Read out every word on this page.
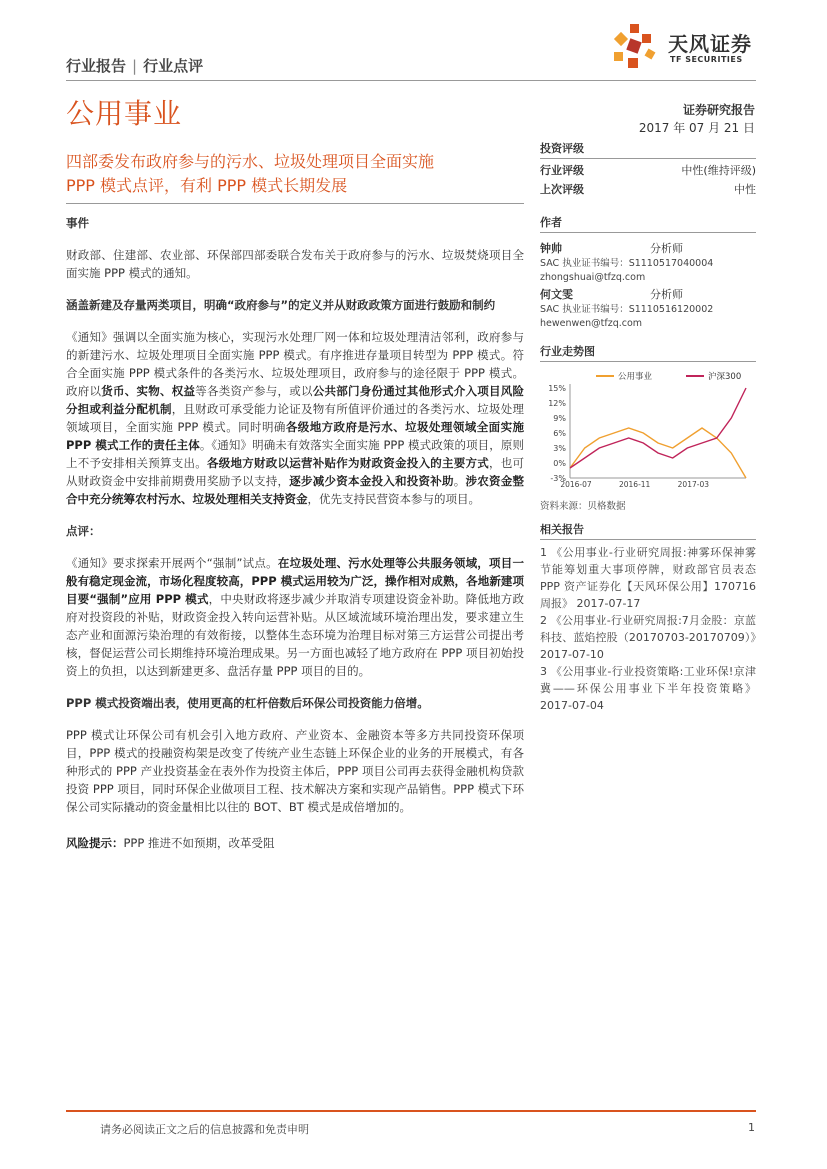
行业报告 | 行业点评
天风证券
TF SECURITIES
公用事业	证券研究报告
2017 年 07 月 21 日
四部委发布政府参与的污水、垃圾处理项目全面实施
PPP 模式点评，有利 PPP 模式长期发展

事件

财政部、住建部、农业部、环保部四部委联合发布关于政府参与的污水、垃圾焚烧项目全面实施 PPP 模式的通知。

涵盖新建及存量两类项目，明确“政府参与”的定义并从财政政策方面进行鼓励和制约

《通知》强调以全面实施为核心，实现污水处理厂网一体和垃圾处理清洁邻利，政府参与的新建污水、垃圾处理项目全面实施 PPP 模式。有序推进存量项目转型为 PPP 模式。符合全面实施 PPP 模式条件的各类污水、垃圾处理项目，政府参与的途径限于 PPP 模式。政府以货币、实物、权益等各类资产参与，或以公共部门身份通过其他形式介入项目风险分担或利益分配机制，且财政可承受能力论证及物有所值评价通过的各类污水、垃圾处理领域项目，全面实施 PPP 模式。同时明确各级地方政府是污水、垃圾处理领域全面实施 PPP 模式工作的责任主体。《通知》明确未有效落实全面实施 PPP 模式政策的项目，原则上不予安排相关预算支出。各级地方财政以运营补贴作为财政资金投入的主要方式，也可从财政资金中安排前期费用奖励予以支持，逐步减少资本金投入和投资补助。涉农资金整合中充分统筹农村污水、垃圾处理相关支持资金，优先支持民营资本参与的项目。

点评：

《通知》要求探索开展两个“强制”试点。在垃圾处理、污水处理等公共服务领域，项目一般有稳定现金流，市场化程度较高，PPP 模式运用较为广泛，操作相对成熟，各地新建项目要“强制”应用 PPP 模式，中央财政将逐步减少并取消专项建设资金补助。降低地方政府对投资段的补贴，财政资金投入转向运营补贴。从区域流域环境治理出发，要求建立生态产业和面源污染治理的有效衔接，以整体生态环境为治理目标对第三方运营公司提出考核，督促运营公司长期维持环境治理成果。另一方面也减轻了地方政府在 PPP 项目初始投资上的负担，以达到新建更多、盘活存量 PPP 项目的目的。

PPP 模式投资端出表，使用更高的杠杆倍数后环保公司投资能力倍增。

PPP 模式让环保公司有机会引入地方政府、产业资本、金融资本等多方共同投资环保项目，PPP 模式的投融资构架是改变了传统产业生态链上环保企业的业务的开展模式，有各种形式的 PPP 产业投资基金在表外作为投资主体后，PPP 项目公司再去获得金融机构贷款投资 PPP 项目，同时环保企业做项目工程、技术解决方案和实现产品销售。PPP 模式下环保公司实际撬动的资金量相比以往的 BOT、BT 模式是成倍增加的。

风险提示：PPP 推进不如预期，改革受阻

投资评级
行业评级	中性(维持评级)
上次评级	中性
作者
钟帅	分析师
SAC 执业证书编号：S1110517040004
zhongshuai@tfzq.com
何文雯	分析师
SAC 执业证书编号：S1110516120002
hewenwen@tfzq.com
行业走势图
15%
12%
9%
6%
3%
0%
-3%
2016-07	2016-11	2017-03
公用事业	沪深300
资料来源：贝格数据
相关报告
1 《公用事业-行业研究周报:神雾环保神雾节能筹划重大事项停牌，财政部官员表态 PPP 资产证券化【天风环保公用】170716 周报》 2017-07-17
2 《公用事业-行业研究周报:7月金股：京蓝科技、蓝焰控股（20170703-20170709）》2017-07-10
3 《公用事业-行业投资策略:工业环保!京津冀——环保公用事业下半年投资策略》 2017-07-04
请务必阅读正文之后的信息披露和免责申明	1
